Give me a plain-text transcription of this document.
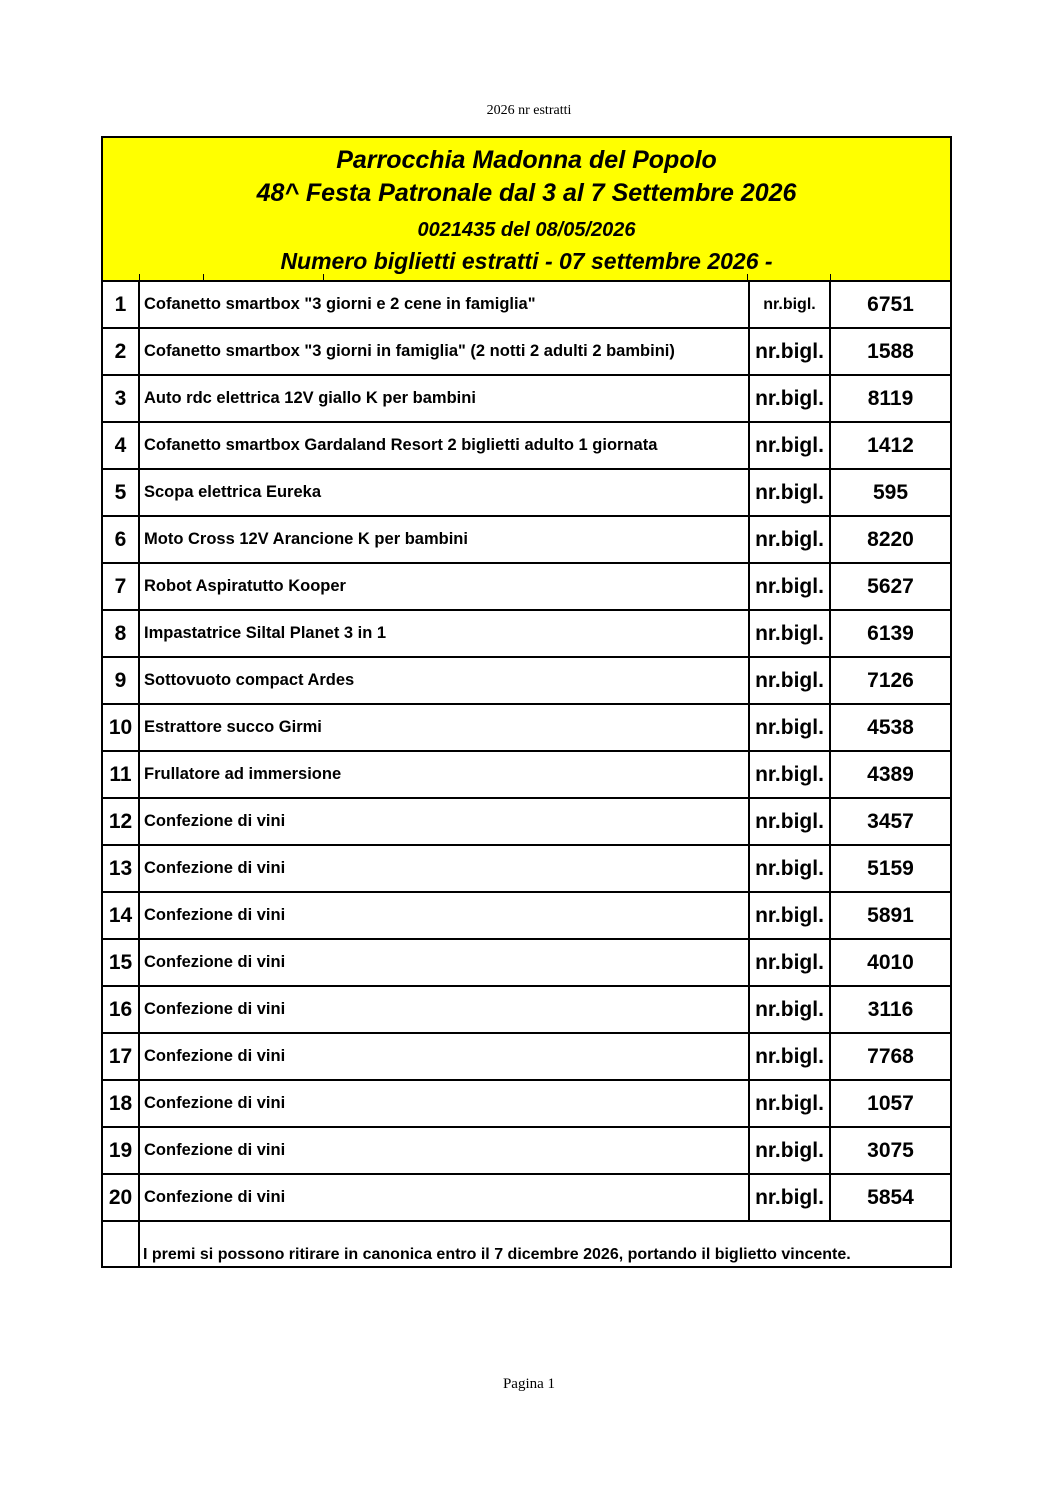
2026 nr estratti
Parrocchia Madonna del Popolo
48^ Festa Patronale dal 3 al 7 Settembre 2026
0021435 del 08/05/2026
Numero biglietti estratti - 07 settembre 2026 -
1	Cofanetto smartbox "3 giorni e 2 cene in famiglia"	nr.bigl.	6751
2	Cofanetto smartbox "3 giorni in famiglia" (2 notti 2 adulti 2 bambini)	nr.bigl.	1588
3	Auto rdc elettrica 12V giallo K per bambini	nr.bigl.	8119
4	Cofanetto smartbox Gardaland Resort 2 biglietti adulto 1 giornata	nr.bigl.	1412
5	Scopa elettrica Eureka	nr.bigl.	595
6	Moto Cross 12V Arancione K per bambini	nr.bigl.	8220
7	Robot Aspiratutto Kooper	nr.bigl.	5627
8	Impastatrice Siltal Planet 3 in 1	nr.bigl.	6139
9	Sottovuoto compact Ardes	nr.bigl.	7126
10 Estrattore succo Girmi	nr.bigl.	4538
11 Frullatore ad immersione	nr.bigl.	4389
12 Confezione di vini	nr.bigl.	3457
13 Confezione di vini	nr.bigl.	5159
14 Confezione di vini	nr.bigl.	5891
15 Confezione di vini	nr.bigl.	4010
16 Confezione di vini	nr.bigl.	3116
17 Confezione di vini	nr.bigl.	7768
18 Confezione di vini	nr.bigl.	1057
19 Confezione di vini	nr.bigl.	3075
20 Confezione di vini	nr.bigl.	5854
I premi si possono ritirare in canonica entro il 7 dicembre 2026, portando il biglietto vincente.
Pagina 1
